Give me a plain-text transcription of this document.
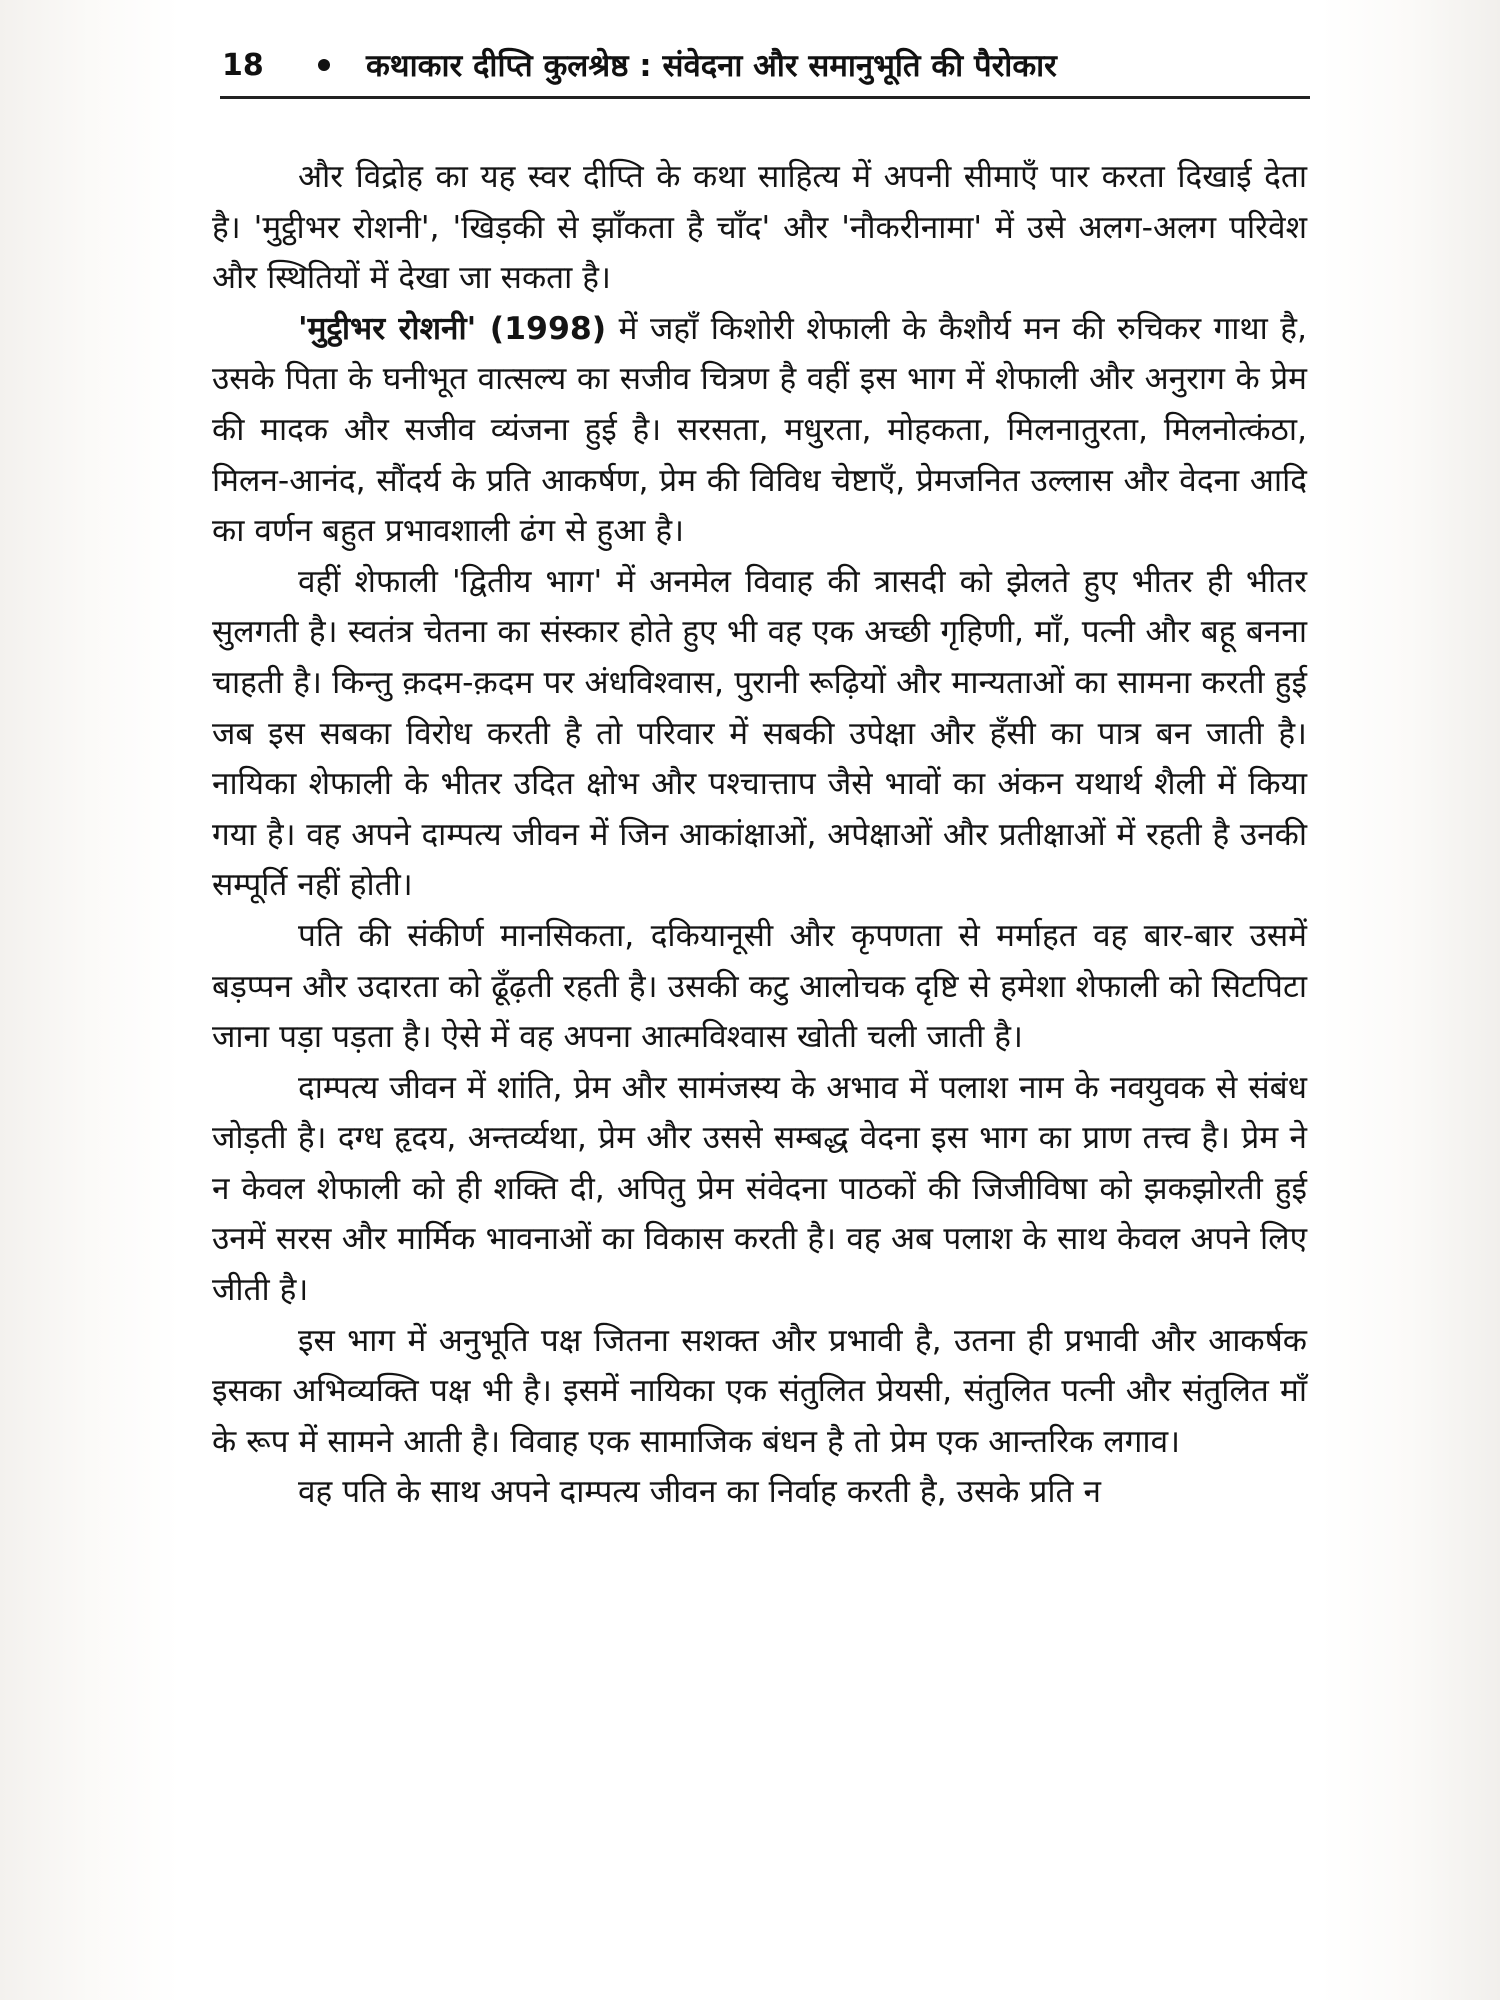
18	कथाकार दीप्ति कुलश्रेष्ठ : संवेदना और समानुभूति की पैरोकार

और विद्रोह का यह स्वर दीप्ति के कथा साहित्य में अपनी सीमाएँ पार करता दिखाई देता है। 'मुट्ठीभर रोशनी', 'खिड़की से झाँकता है चाँद' और 'नौकरीनामा' में उसे अलग-अलग परिवेश और स्थितियों में देखा जा सकता है।

'मुट्ठीभर रोशनी' (1998) में जहाँ किशोरी शेफाली के कैशौर्य मन की रुचिकर गाथा है, उसके पिता के घनीभूत वात्सल्य का सजीव चित्रण है वहीं इस भाग में शेफाली और अनुराग के प्रेम की मादक और सजीव व्यंजना हुई है। सरसता, मधुरता, मोहकता, मिलनातुरता, मिलनोत्कंठा, मिलन-आनंद, सौंदर्य के प्रति आकर्षण, प्रेम की विविध चेष्टाएँ, प्रेमजनित उल्लास और वेदना आदि का वर्णन बहुत प्रभावशाली ढंग से हुआ है।

वहीं शेफाली 'द्वितीय भाग' में अनमेल विवाह की त्रासदी को झेलते हुए भीतर ही भीतर सुलगती है। स्वतंत्र चेतना का संस्कार होते हुए भी वह एक अच्छी गृहिणी, माँ, पत्नी और बहू बनना चाहती है। किन्तु क़दम-क़दम पर अंधविश्वास, पुरानी रूढ़ियों और मान्यताओं का सामना करती हुई जब इस सबका विरोध करती है तो परिवार में सबकी उपेक्षा और हँसी का पात्र बन जाती है। नायिका शेफाली के भीतर उदित क्षोभ और पश्चात्ताप जैसे भावों का अंकन यथार्थ शैली में किया गया है। वह अपने दाम्पत्य जीवन में जिन आकांक्षाओं, अपेक्षाओं और प्रतीक्षाओं में रहती है उनकी सम्पूर्ति नहीं होती।

पति की संकीर्ण मानसिकता, दकियानूसी और कृपणता से मर्माहत वह बार-बार उसमें बड़प्पन और उदारता को ढूँढ़ती रहती है। उसकी कटु आलोचक दृष्टि से हमेशा शेफाली को सिटपिटा जाना पड़ा पड़ता है। ऐसे में वह अपना आत्मविश्वास खोती चली जाती है।

दाम्पत्य जीवन में शांति, प्रेम और सामंजस्य के अभाव में पलाश नाम के नवयुवक से संबंध जोड़ती है। दग्ध हृदय, अन्तर्व्यथा, प्रेम और उससे सम्बद्ध वेदना इस भाग का प्राण तत्त्व है। प्रेम ने न केवल शेफाली को ही शक्ति दी, अपितु प्रेम संवेदना पाठकों की जिजीविषा को झकझोरती हुई उनमें सरस और मार्मिक भावनाओं का विकास करती है। वह अब पलाश के साथ केवल अपने लिए जीती है।

इस भाग में अनुभूति पक्ष जितना सशक्त और प्रभावी है, उतना ही प्रभावी और आकर्षक इसका अभिव्यक्ति पक्ष भी है। इसमें नायिका एक संतुलित प्रेयसी, संतुलित पत्नी और संतुलित माँ के रूप में सामने आती है। विवाह एक सामाजिक बंधन है तो प्रेम एक आन्तरिक लगाव।

वह पति के साथ अपने दाम्पत्य जीवन का निर्वाह करती है, उसके प्रति न
